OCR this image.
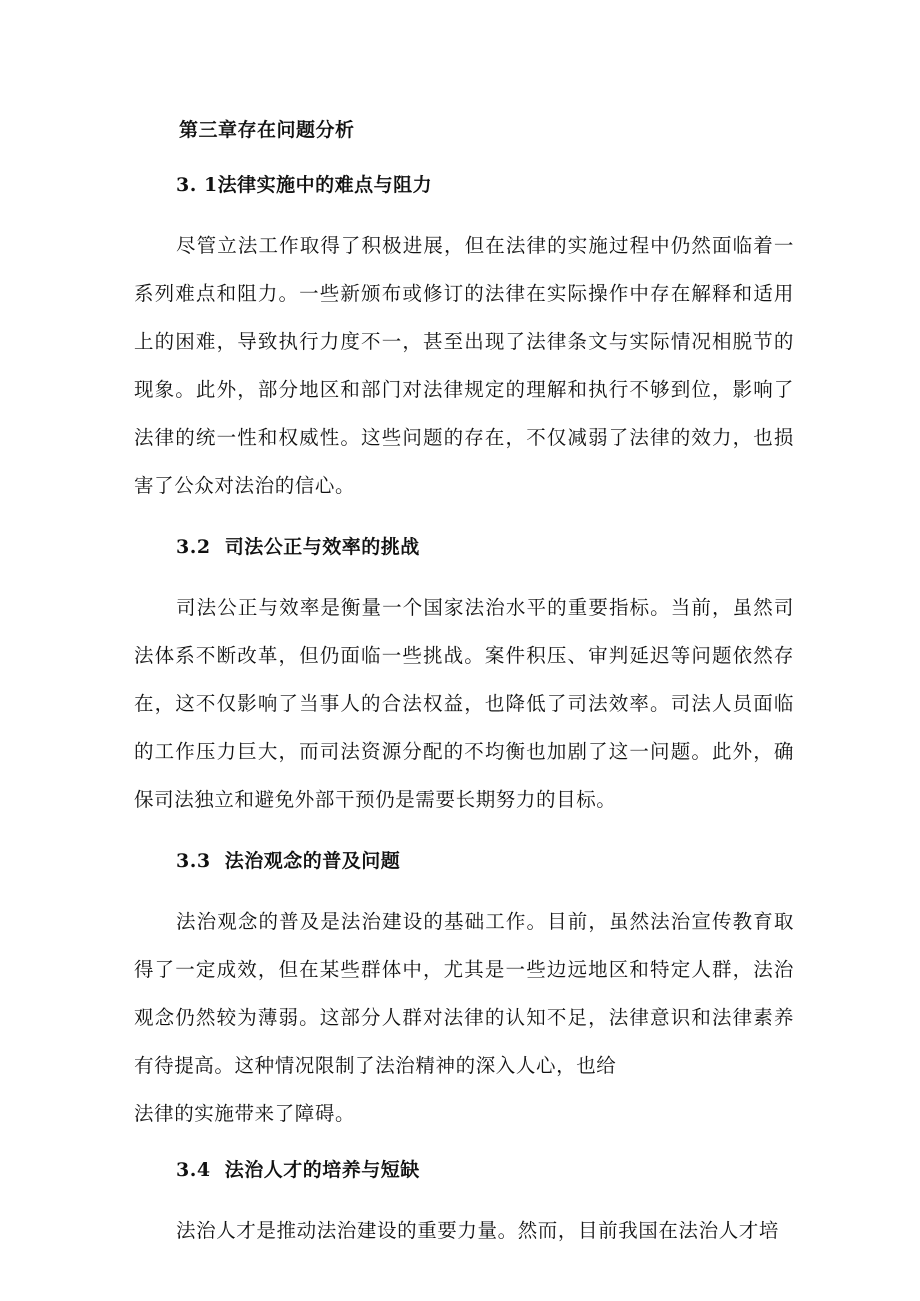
第三章存在问题分析
3. 1法律实施中的难点与阻力

尽管立法工作取得了积极进展，但在法律的实施过程中仍然面临着一系列难点和阻力。一些新颁布或修订的法律在实际操作中存在解释和适用上的困难，导致执行力度不一，甚至出现了法律条文与实际情况相脱节的现象。此外，部分地区和部门对法律规定的理解和执行不够到位，影响了法律的统一性和权威性。这些问题的存在，不仅减弱了法律的效力，也损害了公众对法治的信心。

3.2  司法公正与效率的挑战

司法公正与效率是衡量一个国家法治水平的重要指标。当前，虽然司法体系不断改革，但仍面临一些挑战。案件积压、审判延迟等问题依然存在，这不仅影响了当事人的合法权益，也降低了司法效率。司法人员面临的工作压力巨大，而司法资源分配的不均衡也加剧了这一问题。此外，确保司法独立和避免外部干预仍是需要长期努力的目标。

3.3  法治观念的普及问题

法治观念的普及是法治建设的基础工作。目前，虽然法治宣传教育取得了一定成效，但在某些群体中，尤其是一些边远地区和特定人群，法治观念仍然较为薄弱。这部分人群对法律的认知不足，法律意识和法律素养有待提高。这种情况限制了法治精神的深入人心，也给
法律的实施带来了障碍。

3.4  法治人才的培养与短缺

法治人才是推动法治建设的重要力量。然而，目前我国在法治人才培
